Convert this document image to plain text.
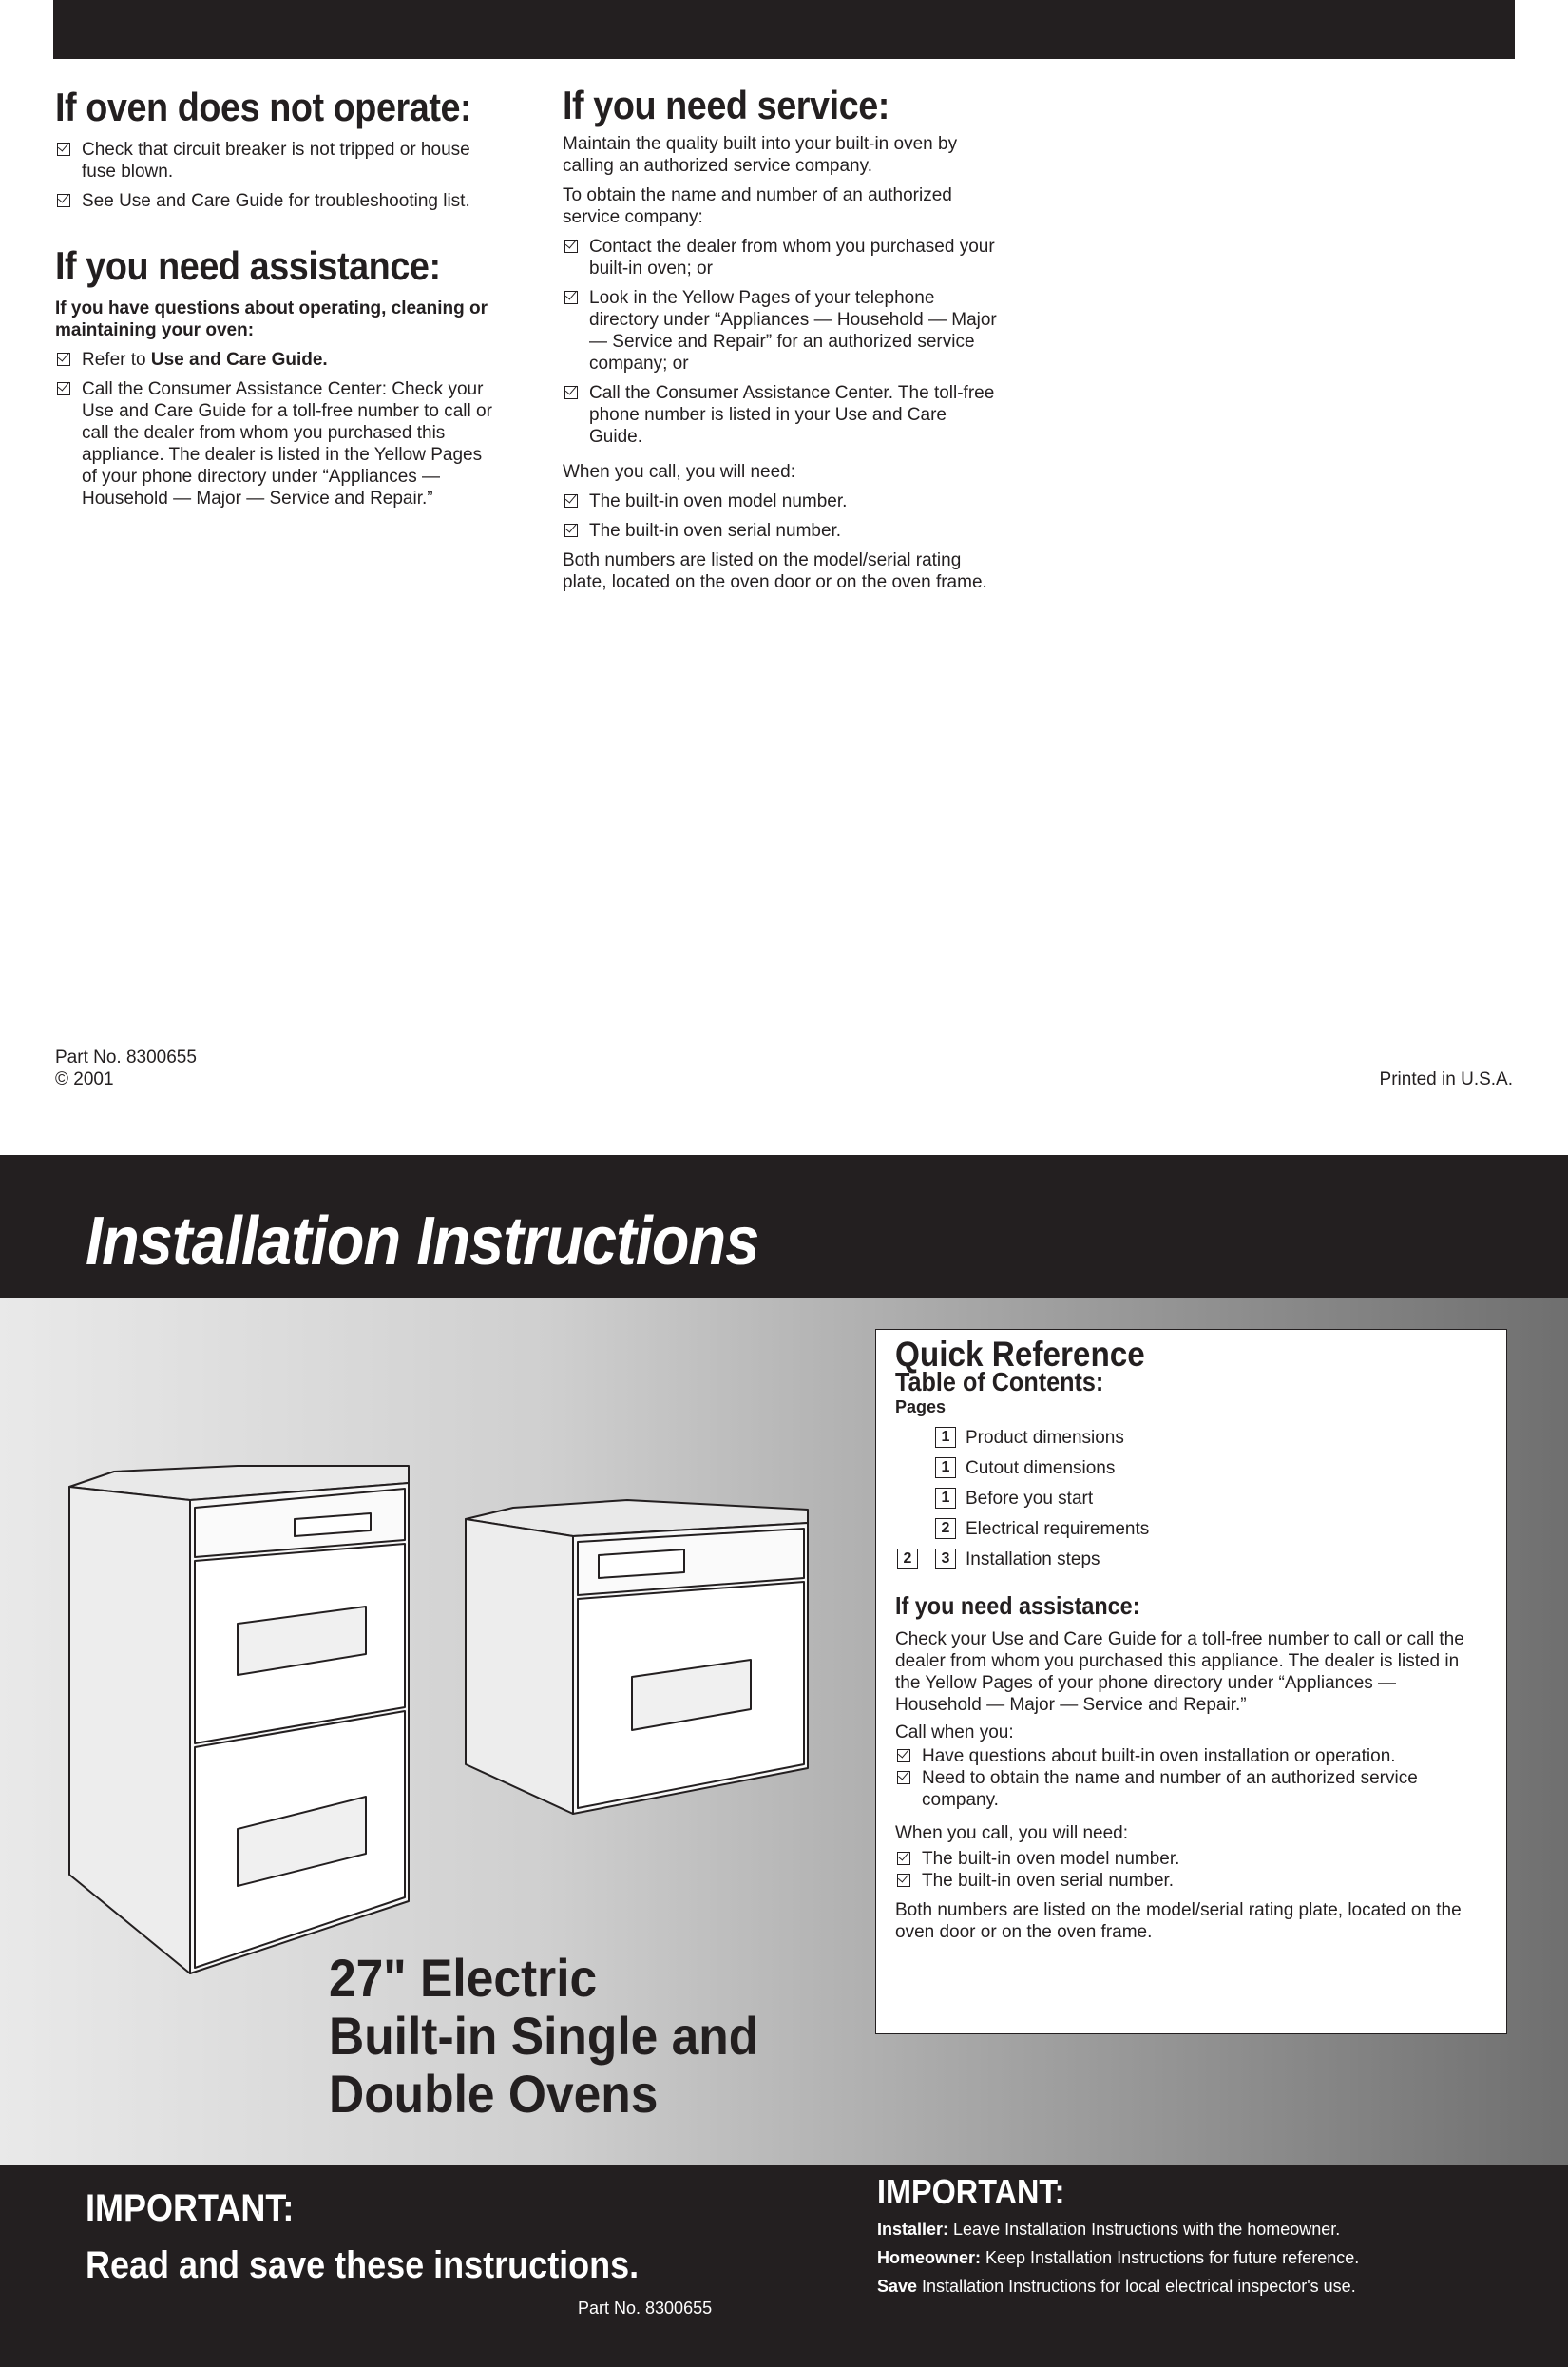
If oven does not operate:
Check that circuit breaker is not tripped or house fuse blown.
See Use and Care Guide for troubleshooting list.
If you need assistance:

If you have questions about operating, cleaning or maintaining your oven:

Refer to Use and Care Guide.
Call the Consumer Assistance Center: Check your Use and Care Guide for a toll-free number to call or call the dealer from whom you purchased this appliance. The dealer is listed in the Yellow Pages of your phone directory under “Appliances — Household — Major — Service and Repair.”
If you need service:

Maintain the quality built into your built-in oven by calling an authorized service company.

To obtain the name and number of an authorized service company:

Contact the dealer from whom you purchased your built-in oven; or
Look in the Yellow Pages of your telephone directory under “Appliances — Household — Major — Service and Repair” for an authorized service company; or
Call the Consumer Assistance Center. The toll-free phone number is listed in your Use and Care Guide.

When you call, you will need:

The built-in oven model number.
The built-in oven serial number.

Both numbers are listed on the model/serial rating plate, located on the oven door or on the oven frame.

Part No. 8300655
© 2001	Printed in U.S.A.
Installation Instructions
27" Electric
Built-in Single and
Double Ovens
Quick Reference
Table of Contents:
Pages
1 Product dimensions
1 Cutout dimensions
1 Before you start
2 Electrical requirements
2	3 Installation steps
If you need assistance:
Check your Use and Care Guide for a toll-free number to call or call the dealer from whom you purchased this appliance. The dealer is listed in the Yellow Pages of your phone directory under “Appliances — Household — Major — Service and Repair.”
Call when you:
Have questions about built-in oven installation or operation.
Need to obtain the name and number of an authorized service company.
When you call, you will need:
The built-in oven model number.
The built-in oven serial number.
Both numbers are listed on the model/serial rating plate, located on the oven door or on the oven frame.
IMPORTANT:
Read and save these instructions.
Part No. 8300655
IMPORTANT:
Installer: Leave Installation Instructions with the homeowner.
Homeowner: Keep Installation Instructions for future reference.
Save Installation Instructions for local electrical inspector's use.
